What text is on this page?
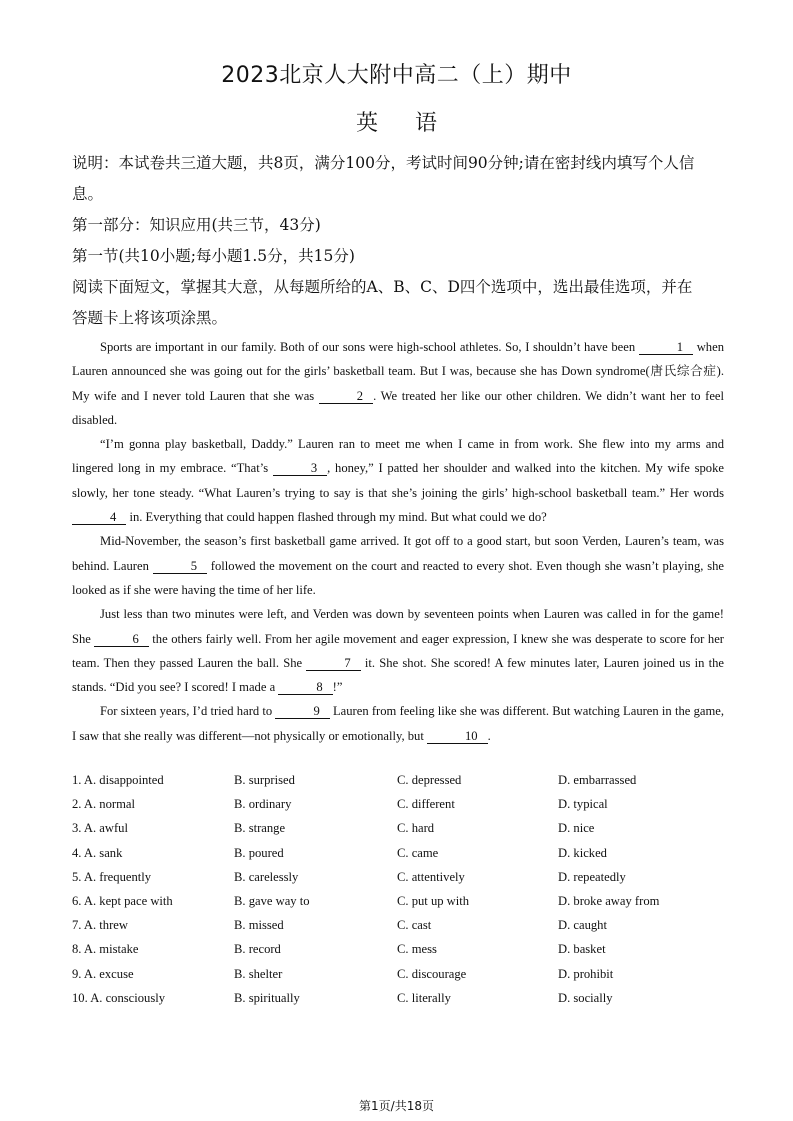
2023北京人大附中高二（上）期中
英 语

说明：本试卷共三道大题，共8页，满分100分，考试时间90分钟;请在密封线内填写个人信

息。

第一部分：知识应用(共三节，43分)

第一节(共10小题;每小题1.5分，共15分)

阅读下面短文，掌握其大意，从每题所给的A、B、C、D四个选项中，选出最佳选项，并在

答题卡上将该项涂黑。

Sports are important in our family. Both of our sons were high-school athletes. So, I shouldn’t have been	1 when Lauren announced she was going out for the girls’ basketball team. But I was, because she has Down syndrome(唐氏综合症). My wife and I never told Lauren that she was	2 . We treated her like our other children. We didn’t want her to feel disabled.

“I’m gonna play basketball, Daddy.” Lauren ran to meet me when I came in from work. She flew into my arms and lingered long in my embrace. “That’s	3 , honey,” I patted her shoulder and walked into the kitchen. My wife spoke slowly, her tone steady. “What Lauren’s trying to say is that she’s joining the girls’ high-school basketball team.” Her words 4 in. Everything that could happen flashed through my mind. But what could we do?

Mid-November, the season’s first basketball game arrived. It got off to a good start, but soon Verden, Lauren’s team, was behind. Lauren	5 followed the movement on the court and reacted to every shot. Even though she wasn’t playing, she looked as if she were having the time of her life.

Just less than two minutes were left, and Verden was down by seventeen points when Lauren was called in for the game! She	6 the others fairly well. From her agile movement and eager expression, I knew she was desperate to score for her team. Then they passed Lauren the ball. She	7 it. She shot. She scored! A few minutes later, Lauren joined us in the stands. “Did you see? I scored! I made a	8 !”

For sixteen years, I’d tried hard to	9 Lauren from feeling like she was different. But watching Lauren in the game, I saw that she really was different—not physically or emotionally, but	10 .

1. A. disappointed	B. surprised	C. depressed	D. embarrassed
2. A. normal	B. ordinary	C. different	D. typical
3. A. awful	B. strange	C. hard	D. nice
4. A. sank	B. poured	C. came	D. kicked
5. A. frequently	B. carelessly	C. attentively	D. repeatedly
6. A. kept pace with	B. gave way to	C. put up with	D. broke away from
7. A. threw	B. missed	C. cast	D. caught
8. A. mistake	B. record	C. mess	D. basket
9. A. excuse	B. shelter	C. discourage	D. prohibit
10. A. consciously	B. spiritually	C. literally	D. socially
第1页/共18页
